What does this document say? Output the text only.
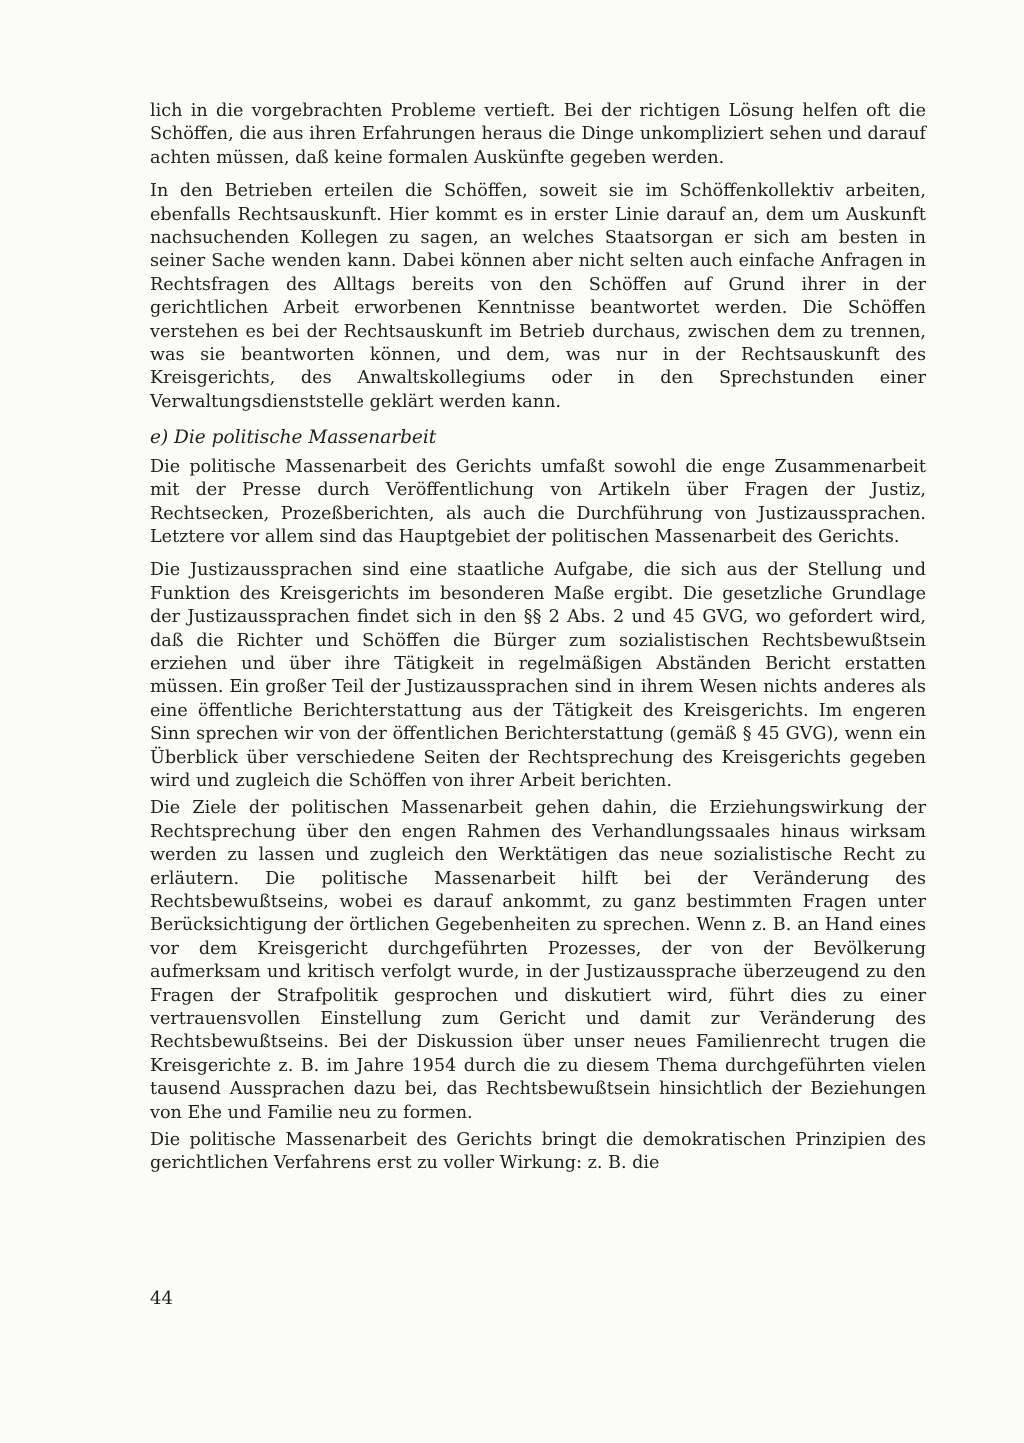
lich in die vorgebrachten Probleme vertieft. Bei der richtigen Lösung helfen oft die Schöffen, die aus ihren Erfahrungen heraus die Dinge unkompliziert sehen und darauf achten müssen, daß keine formalen Auskünfte gegeben werden.

In den Betrieben erteilen die Schöffen, soweit sie im Schöffenkollektiv arbeiten, ebenfalls Rechtsauskunft. Hier kommt es in erster Linie darauf an, dem um Auskunft nachsuchenden Kollegen zu sagen, an welches Staatsorgan er sich am besten in seiner Sache wenden kann. Dabei können aber nicht selten auch einfache Anfragen in Rechtsfragen des Alltags bereits von den Schöffen auf Grund ihrer in der gerichtlichen Arbeit erworbenen Kenntnisse beantwortet werden. Die Schöffen verstehen es bei der Rechtsauskunft im Betrieb durchaus, zwischen dem zu trennen, was sie beantworten können, und dem, was nur in der Rechtsauskunft des Kreisgerichts, des Anwaltskollegiums oder in den Sprechstunden einer Verwaltungsdienststelle geklärt werden kann.

e) Die politische Massenarbeit

Die politische Massenarbeit des Gerichts umfaßt sowohl die enge Zusammenarbeit mit der Presse durch Veröffentlichung von Artikeln über Fragen der Justiz, Rechtsecken, Prozeßberichten, als auch die Durchführung von Justizaussprachen. Letztere vor allem sind das Hauptgebiet der politischen Massenarbeit des Gerichts.

Die Justizaussprachen sind eine staatliche Aufgabe, die sich aus der Stellung und Funktion des Kreisgerichts im besonderen Maße ergibt. Die gesetzliche Grundlage der Justizaussprachen findet sich in den §§ 2 Abs. 2 und 45 GVG, wo gefordert wird, daß die Richter und Schöffen die Bürger zum sozialistischen Rechtsbewußtsein erziehen und über ihre Tätigkeit in regelmäßigen Abständen Bericht erstatten müssen. Ein großer Teil der Justizaussprachen sind in ihrem Wesen nichts anderes als eine öffentliche Berichterstattung aus der Tätigkeit des Kreisgerichts. Im engeren Sinn sprechen wir von der öffentlichen Berichterstattung (gemäß § 45 GVG), wenn ein Überblick über verschiedene Seiten der Rechtsprechung des Kreisgerichts gegeben wird und zugleich die Schöffen von ihrer Arbeit berichten.

Die Ziele der politischen Massenarbeit gehen dahin, die Erziehungswirkung der Rechtsprechung über den engen Rahmen des Verhandlungssaales hinaus wirksam werden zu lassen und zugleich den Werktätigen das neue sozialistische Recht zu erläutern. Die politische Massenarbeit hilft bei der Veränderung des Rechtsbewußtseins, wobei es darauf ankommt, zu ganz bestimmten Fragen unter Berücksichtigung der örtlichen Gegebenheiten zu sprechen. Wenn z. B. an Hand eines vor dem Kreisgericht durchgeführten Prozesses, der von der Bevölkerung aufmerksam und kritisch verfolgt wurde, in der Justizaussprache überzeugend zu den Fragen der Strafpolitik gesprochen und diskutiert wird, führt dies zu einer vertrauensvollen Einstellung zum Gericht und damit zur Veränderung des Rechtsbewußtseins. Bei der Diskussion über unser neues Familienrecht trugen die Kreisgerichte z. B. im Jahre 1954 durch die zu diesem Thema durchgeführten vielen tausend Aussprachen dazu bei, das Rechtsbewußtsein hinsichtlich der Beziehungen von Ehe und Familie neu zu formen.

Die politische Massenarbeit des Gerichts bringt die demokratischen Prinzipien des gerichtlichen Verfahrens erst zu voller Wirkung: z. B. die

44
